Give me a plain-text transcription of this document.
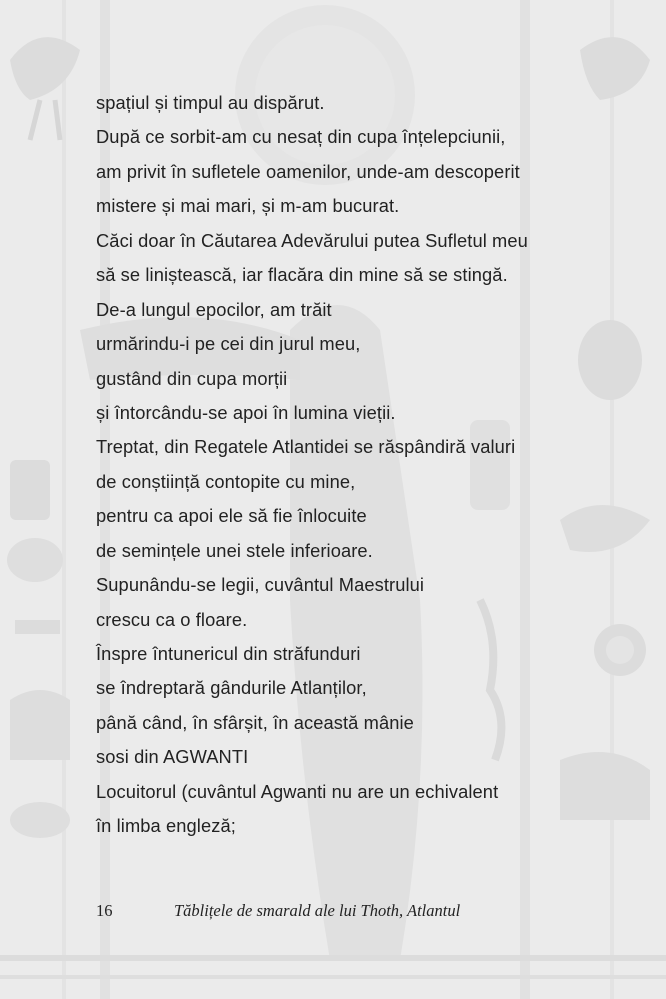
spațiul și timpul au dispărut.
După ce sorbit-am cu nesaț din cupa înțelepciunii,
am privit în sufletele oamenilor, unde-am descoperit
mistere și mai mari, și m-am bucurat.
Căci doar în Căutarea Adevărului putea Sufletul meu
să se liniștească, iar flacăra din mine să se stingă.
De-a lungul epocilor, am trăit
urmărindu-i pe cei din jurul meu,
gustând din cupa morții
și întorcându-se apoi în lumina vieții.
Treptat, din Regatele Atlantidei se răspândiră valuri
de conștiință contopite cu mine,
pentru ca apoi ele să fie înlocuite
de semințele unei stele inferioare.
Supunându-se legii, cuvântul Maestrului
crescu ca o floare.
Înspre întunericul din străfunduri
se îndreptară gândurile Atlanților,
până când, în sfârșit, în această mânie
sosi din AGWANTI
Locuitorul (cuvântul Agwanti nu are un echivalent
în limba engleză;
16	Tăblițele de smarald ale lui Thoth, Atlantul
